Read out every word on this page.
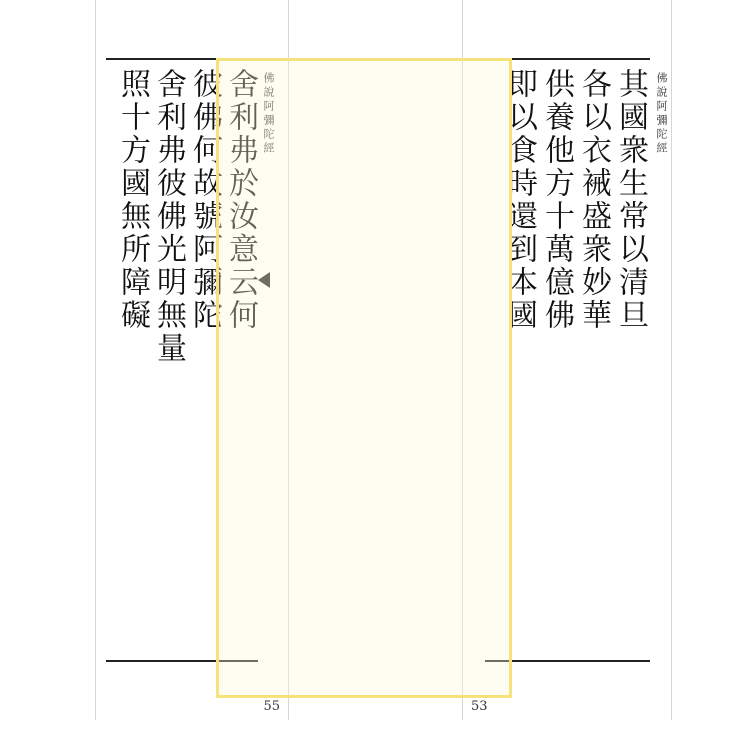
舍利弗於汝意云何
彼佛何故號阿彌陀
舍利弗彼佛光明無量
照十方國無所障礙	佛說阿彌陀經
55
其國衆生常以清旦
各以衣裓盛衆妙華
供養他方十萬億佛
即以食時還到本國	佛說阿彌陀經
53
